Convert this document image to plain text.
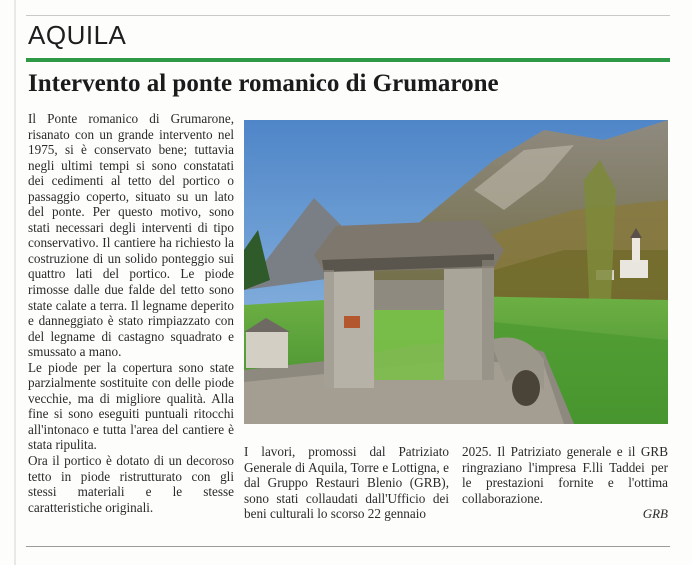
AQUILA
Intervento al ponte romanico di Grumarone

Il Ponte romanico di Grumarone, risanato con un grande intervento nel 1975, si è conservato bene; tuttavia negli ultimi tempi si sono constatati dei cedimenti al tetto del portico o passaggio coperto, situato su un lato del ponte. Per questo motivo, sono stati necessari degli interventi di tipo conservativo. Il cantiere ha richiesto la costruzione di un solido ponteggio sui quattro lati del portico. Le piode rimosse dalle due falde del tetto sono state calate a terra. Il legname deperito e danneggiato è stato rimpiazzato con del legname di castagno squadrato e smussato a mano.

Le piode per la copertura sono state parzialmente sostituite con delle piode vecchie, ma di migliore qualità. Alla fine si sono eseguiti puntuali ritocchi all'intonaco e tutta l'area del cantiere è stata ripulita.

Ora il portico è dotato di un decoroso tetto in piode ristrutturato con gli stessi materiali e le stesse caratteristiche originali.

I lavori, promossi dal Patriziato Generale di Aquila, Torre e Lottigna, e dal Gruppo Restauri Blenio (GRB), sono stati collaudati dall'Ufficio dei beni culturali lo scorso 22 gennaio

2025. Il Patriziato generale e il GRB ringraziano l'impresa F.lli Taddei per le prestazioni fornite e l'ottima collaborazione.

GRB
